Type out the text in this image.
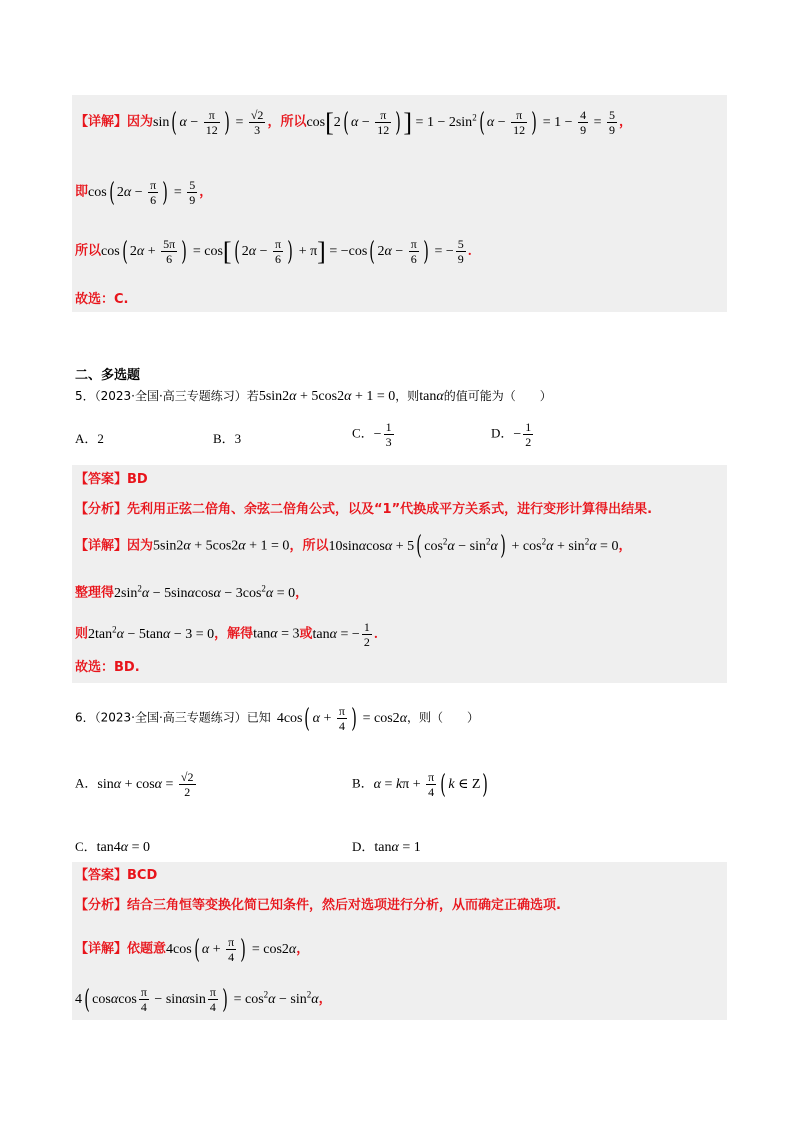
【详解】因为sin( $\alpha - \frac{\pi}{12}$ ) = $\frac{√2}{3}$ ，所以cos[2( $\alpha - \frac{\pi}{12}$ )] = $1 - 2\sin^2$( $\alpha - \frac{\pi}{12}$ ) = $1 - \frac{4}{9} = \frac{5}{9}$ ，
即cos( $2\alpha - \frac{\pi}{6}$ ) = $\frac{5}{9}$ ，
所以cos( $2\alpha + \frac{5\pi}{6}$ ) = cos[( $2\alpha - \frac{\pi}{6}$ ) + π] = −cos( $2\alpha - \frac{\pi}{6}$ ) = − $\frac{5}{9}$ ．
故选：C.
二、多选题
5．（2023·全国·高三专题练习）若5sin2α + 5cos2α + 1 = 0，则tanα的值可能为（　　）
A．2	B．3	C．− $\frac{1}{3}$	D．− $\frac{1}{2}$
【答案】BD
【分析】先利用正弦二倍角、余弦二倍角公式，以及“1”代换成平方关系式，进行变形计算得出结果.
【详解】因为5sin2α + 5cos2α + 1 = 0，所以10sinαcosα + 5( $\cos^2\alpha - \sin^2\alpha) + \cos^2\alpha + \sin^2\alpha = 0$，
整理得$2\sin^2\alpha - 5\sin\alpha\cos\alpha - 3\cos^2\alpha = 0$，
则$2\tan^2\alpha - 5\tan\alpha - 3 = 0$，解得tanα = 3或tanα = − $\frac{1}{2}$ ．
故选：BD.
6．（2023·全国·高三专题练习）已知 4cos( $\alpha + \frac{\pi}{4}$ ) = cos2α，则（　　）
A．$\sin\alpha + \cos\alpha = \frac{√2}{2}$	B．$\alpha = k\pi + \frac{\pi}{4}$ ( k ∈ Z)
C．tan4α = 0	D．tanα = 1
【答案】BCD
【分析】结合三角恒等变换化简已知条件，然后对选项进行分析，从而确定正确选项.
【详解】依题意4cos( $\alpha + \frac{\pi}{4}$ ) = cos2α，
4( cosαcos $\frac{\pi}{4} - \sin\alpha\sin \frac{\pi}{4}$ ) = $\cos^2\alpha - \sin^2\alpha$，
